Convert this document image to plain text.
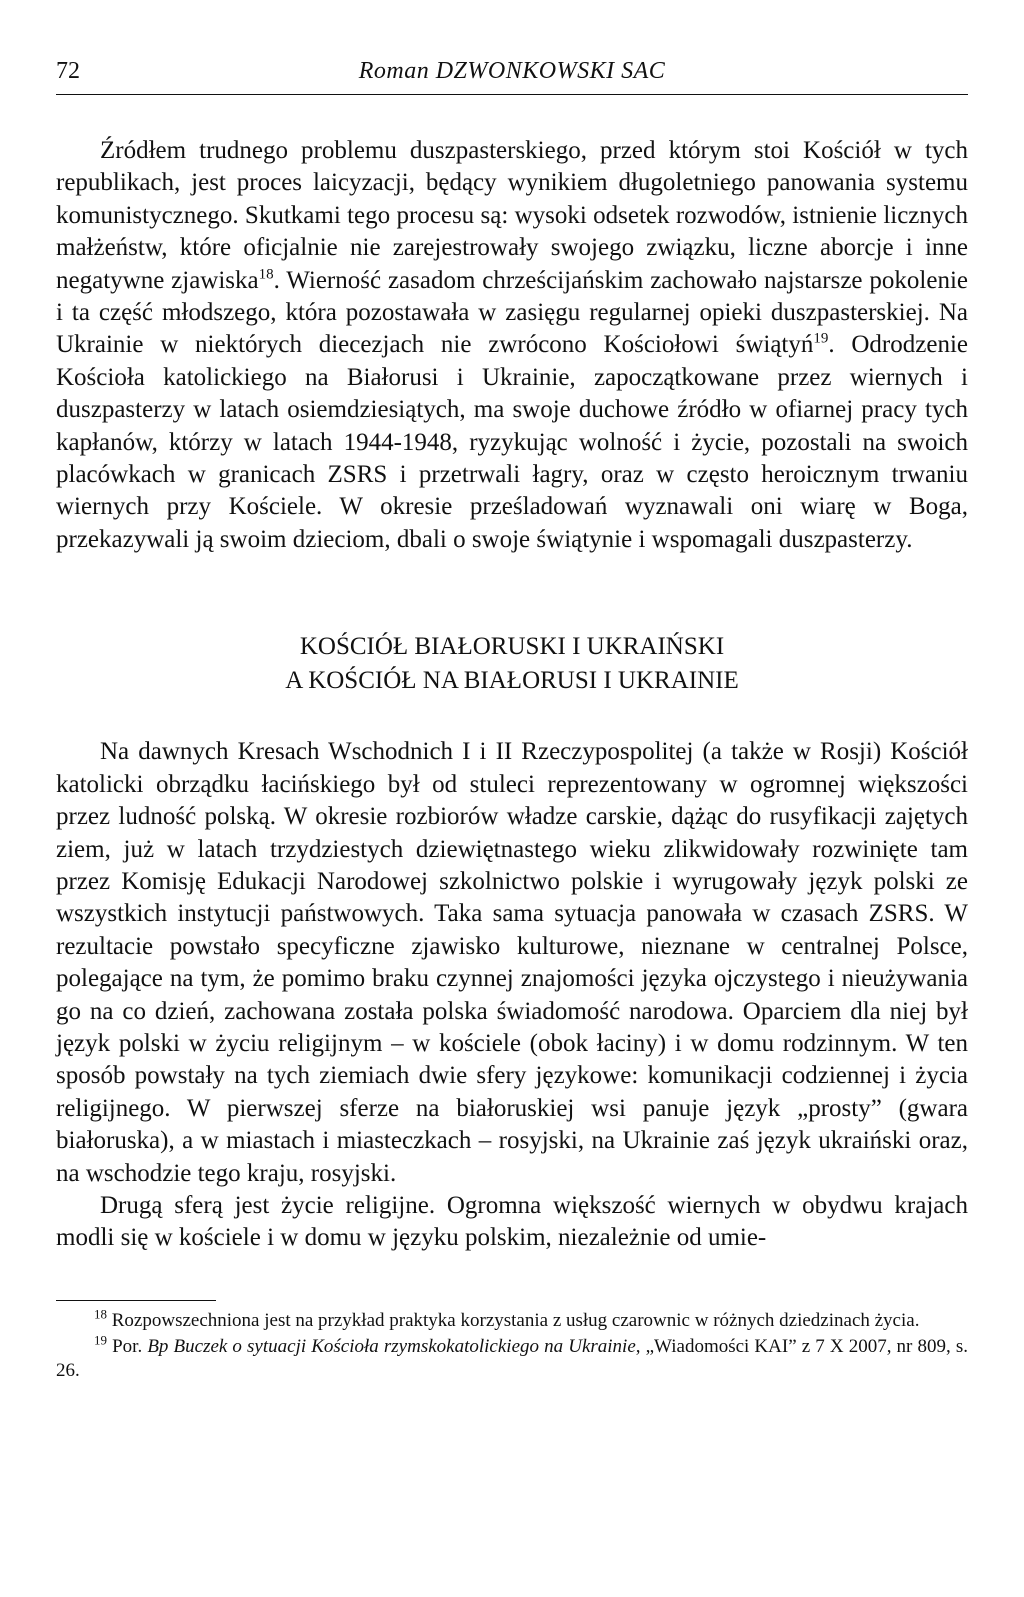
72	Roman DZWONKOWSKI SAC

Źródłem trudnego problemu duszpasterskiego, przed którym stoi Kościół w tych republikach, jest proces laicyzacji, będący wynikiem długoletniego panowania systemu komunistycznego. Skutkami tego procesu są: wysoki odsetek rozwodów, istnienie licznych małżeństw, które oficjalnie nie zarejestrowały swojego związku, liczne aborcje i inne negatywne zjawiska$^{18}$. Wierność zasadom chrześcijańskim zachowało najstarsze pokolenie i ta część młodszego, która pozostawała w zasięgu regularnej opieki duszpasterskiej. Na Ukrainie w niektórych diecezjach nie zwrócono Kościołowi świątyń$^{19}$. Odrodzenie Kościoła katolickiego na Białorusi i Ukrainie, zapoczątkowane przez wiernych i duszpasterzy w latach osiemdziesiątych, ma swoje duchowe źródło w ofiarnej pracy tych kapłanów, którzy w latach 1944-1948, ryzykując wolność i życie, pozostali na swoich placówkach w granicach ZSRS i przetrwali łagry, oraz w często heroicznym trwaniu wiernych przy Kościele. W okresie prześladowań wyznawali oni wiarę w Boga, przekazywali ją swoim dzieciom, dbali o swoje świątynie i wspomagali duszpasterzy.

KOŚCIÓŁ BIAŁORUSKI I UKRAIŃSKI
A KOŚCIÓŁ NA BIAŁORUSI I UKRAINIE

Na dawnych Kresach Wschodnich I i II Rzeczypospolitej (a także w Rosji) Kościół katolicki obrządku łacińskiego był od stuleci reprezentowany w ogromnej większości przez ludność polską. W okresie rozbiorów władze carskie, dążąc do rusyfikacji zajętych ziem, już w latach trzydziestych dziewiętnastego wieku zlikwidowały rozwinięte tam przez Komisję Edukacji Narodowej szkolnictwo polskie i wyrugowały język polski ze wszystkich instytucji państwowych. Taka sama sytuacja panowała w czasach ZSRS. W rezultacie powstało specyficzne zjawisko kulturowe, nieznane w centralnej Polsce, polegające na tym, że pomimo braku czynnej znajomości języka ojczystego i nieużywania go na co dzień, zachowana została polska świadomość narodowa. Oparciem dla niej był język polski w życiu religijnym – w kościele (obok łaciny) i w domu rodzinnym. W ten sposób powstały na tych ziemiach dwie sfery językowe: komunikacji codziennej i życia religijnego. W pierwszej sferze na białoruskiej wsi panuje język „prosty” (gwara białoruska), a w miastach i miasteczkach – rosyjski, na Ukrainie zaś język ukraiński oraz, na wschodzie tego kraju, rosyjski.

Drugą sferą jest życie religijne. Ogromna większość wiernych w obydwu krajach modli się w kościele i w domu w języku polskim, niezależnie od umie-

$^{18}$ Rozpowszechniona jest na przykład praktyka korzystania z usług czarownic w różnych dziedzinach życia.

$^{19}$ Por. Bp Buczek o sytuacji Kościoła rzymskokatolickiego na Ukrainie, „Wiadomości KAI” z 7 X 2007, nr 809, s. 26.
